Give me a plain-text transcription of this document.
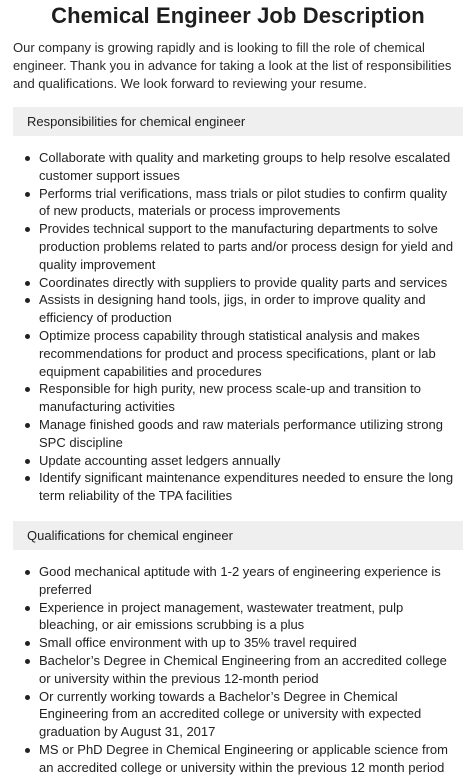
Chemical Engineer Job Description

Our company is growing rapidly and is looking to fill the role of chemical engineer. Thank you in advance for taking a look at the list of responsibilities and qualifications. We look forward to reviewing your resume.

Responsibilities for chemical engineer
Collaborate with quality and marketing groups to help resolve escalated customer support issues
Performs trial verifications, mass trials or pilot studies to confirm quality of new products, materials or process improvements
Provides technical support to the manufacturing departments to solve production problems related to parts and/or process design for yield and quality improvement
Coordinates directly with suppliers to provide quality parts and services
Assists in designing hand tools, jigs, in order to improve quality and efficiency of production
Optimize process capability through statistical analysis and makes recommendations for product and process specifications, plant or lab equipment capabilities and procedures
Responsible for high purity, new process scale-up and transition to manufacturing activities
Manage finished goods and raw materials performance utilizing strong SPC discipline
Update accounting asset ledgers annually
Identify significant maintenance expenditures needed to ensure the long term reliability of the TPA facilities
Qualifications for chemical engineer
Good mechanical aptitude with 1-2 years of engineering experience is preferred
Experience in project management, wastewater treatment, pulp bleaching, or air emissions scrubbing is a plus
Small office environment with up to 35% travel required
Bachelor’s Degree in Chemical Engineering from an accredited college or university within the previous 12-month period
Or currently working towards a Bachelor’s Degree in Chemical Engineering from an accredited college or university with expected graduation by August 31, 2017
MS or PhD Degree in Chemical Engineering or applicable science from an accredited college or university within the previous 12 month period
